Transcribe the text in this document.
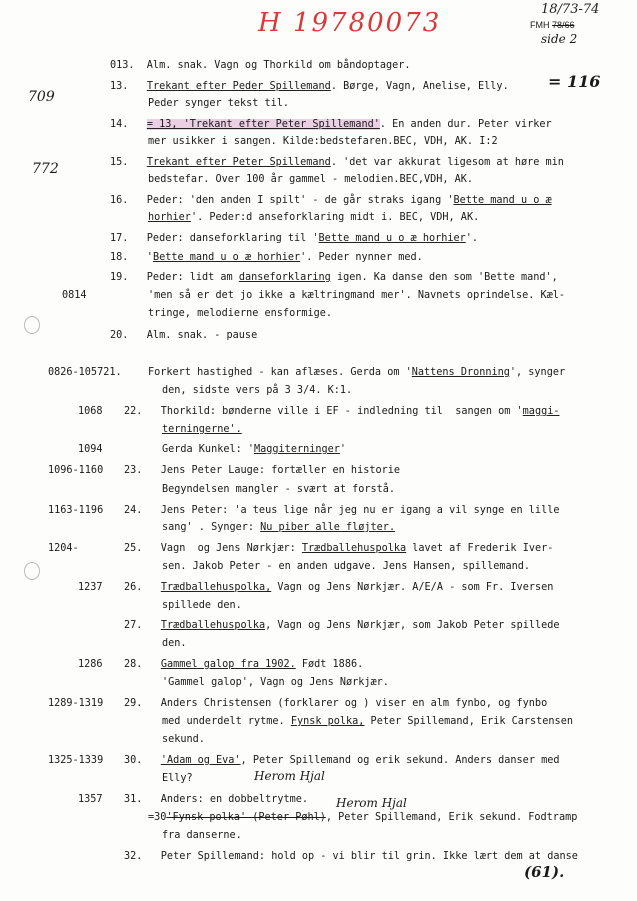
H 19780073	18/73-74
FMH 78/66
side 2
= 116
709
772
013.  Alm. snak. Vagn og Thorkild om båndoptager.
13.   Trekant efter Peder Spillemand. Børge, Vagn, Anelise, Elly.
Peder synger tekst til.
14.   = 13, 'Trekant efter Peter Spillemand'. En anden dur. Peter virker
mer usikker i sangen. Kilde:bedstefaren.BEC, VDH, AK. I:2
15.   Trekant efter Peter Spillemand. 'det var akkurat ligesom at høre min
bedstefar. Over 100 år gammel - melodien.BEC,VDH, AK.
16.   Peder: 'den anden I spilt' - de går straks igang 'Bette mand u o æ
horhier'. Peder:d anseforklaring midt i. BEC, VDH, AK.
17.   Peder: danseforklaring til 'Bette mand u o æ horhier'.
18.   'Bette mand u o æ horhier'. Peder nynner med.
19.   Peder: lidt am danseforklaring igen. Ka danse den som 'Bette mand',
0814	'men så er det jo ikke a kæltringmand mer'. Navnets oprindelse. Kæl-
tringe, melodierne ensformige.
20.   Alm. snak. - pause
0826-105721.	Forkert hastighed - kan aflæses. Gerda om 'Nattens Dronning', synger
den, sidste vers på 3 3/4. K:1.
1068 22.   Thorkild: bønderne ville i EF - indledning til  sangen om 'maggi-
terningerne'.
1094	Gerda Kunkel: 'Maggiterninger'
1096-1160 23.   Jens Peter Lauge: fortæller en historie
Begyndelsen mangler - svært at forstå.
1163-1196 24.   Jens Peter: 'a teus lige når jeg nu er igang a vil synge en lille
sang' . Synger: Nu piber alle fløjter.
1204-	25.   Vagn  og Jens Nørkjær: Trædballehuspolka lavet af Frederik Iver-
sen. Jakob Peter - en anden udgave. Jens Hansen, spillemand.
1237 26.   Trædballehuspolka, Vagn og Jens Nørkjær. A/E/A - som Fr. Iversen
spillede den.
27.   Trædballehuspolka, Vagn og Jens Nørkjær, som Jakob Peter spillede
den.
1286 28.   Gammel galop fra 1902. Født 1886.
'Gammel galop', Vagn og Jens Nørkjær.
1289-1319 29.   Anders Christensen (forklarer og ) viser en alm fynbo, og fynbo
med underdelt rytme. Fynsk polka, Peter Spillemand, Erik Carstensen
sekund.
1325-1339 30.   'Adam og Eva', Peter Spillemand og erik sekund. Anders danser med
Herom Hjal
Elly?
1357 31.   Anders: en dobbeltrytme. Herom Hjal
=30'Fynsk polka' (Peter Pøhl), Peter Spillemand, Erik sekund. Fodtramp
fra danserne.
32.   Peter Spillemand: hold op - vi blir til grin. Ikke lært dem at danse
(61).
